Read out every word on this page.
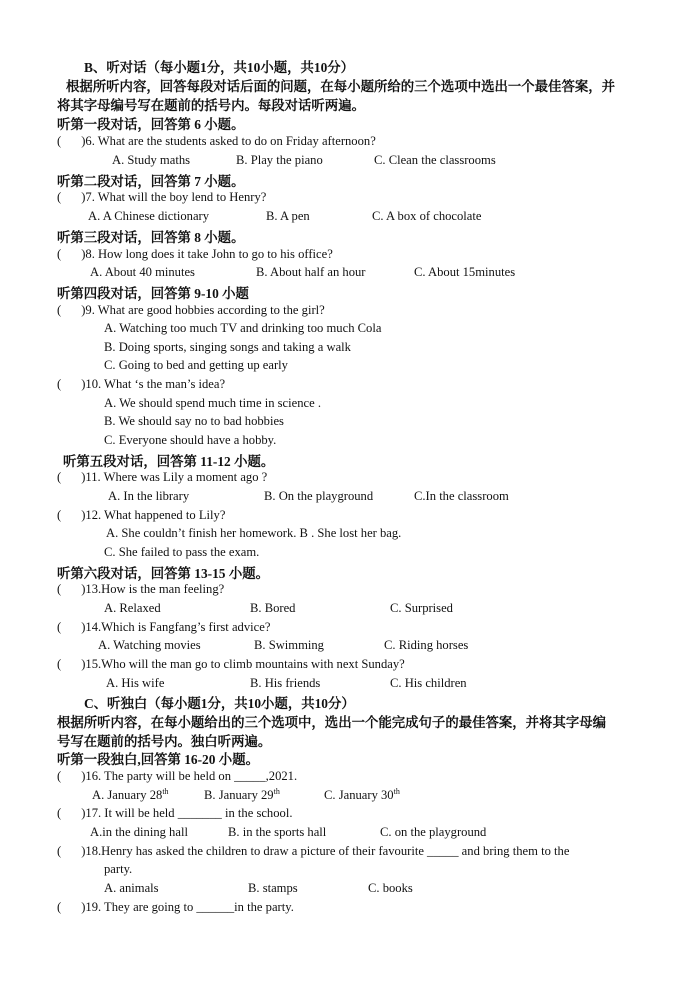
B、听对话（每小题1分，共10小题，共10分）
根据所听内容，回答每段对话后面的问题，在每小题所给的三个选项中选出一个最佳答案，并
将其字母编号写在题前的括号内。每段对话听两遍。
听第一段对话，回答第 6 小题。
( )6. What are the students asked to do on Friday afternoon?
A. Study maths	B. Play the piano	C. Clean the classrooms
听第二段对话，回答第 7 小题。
( )7. What will the boy lend to Henry?
A. A Chinese dictionary	B. A pen	C. A box of chocolate
听第三段对话，回答第 8 小题。
( )8. How long does it take John to go to his office?
A. About 40 minutes	B. About half an hour	C. About 15minutes
听第四段对话，回答第 9-10 小题
( )9. What are good hobbies according to the girl?
A. Watching too much TV and drinking too much Cola
B. Doing sports, singing songs and taking a walk
C. Going to bed and getting up early
( )10. What ‘s the man’s idea?
A. We should spend much time in science .
B. We should say no to bad hobbies
C. Everyone should have a hobby.
听第五段对话，回答第 11-12 小题。
( )11. Where was Lily a moment ago ?
A. In the library	B. On the playground	C.In the classroom
( )12. What happened to Lily?
A. She couldn’t finish her homework. B . She lost her bag.
C. She failed to pass the exam.
听第六段对话，回答第 13-15 小题。
( )13.How is the man feeling?
A. Relaxed	B. Bored	C. Surprised
( )14.Which is Fangfang’s first advice?
A. Watching movies	B. Swimming	C. Riding horses
( )15.Who will the man go to climb mountains with next Sunday?
A. His wife	B. His friends	C. His children
C、听独白（每小题1分，共10小题，共10分）
根据所听内容，在每小题给出的三个选项中，选出一个能完成句子的最佳答案，并将其字母编
号写在题前的括号内。独白听两遍。
听第一段独白,回答第 16-20 小题。
( )16. The party will be held on _____,2021.
A. January 28th	B. January 29th	C. January 30th
( )17. It will be held _______ in the school.
A.in the dining hall	B. in the sports hall	C. on the playground
( )18.Henry has asked the children to draw a picture of their favourite _____ and bring them to the
party.
A. animals	B. stamps	C. books
( )19. They are going to ______in the party.
